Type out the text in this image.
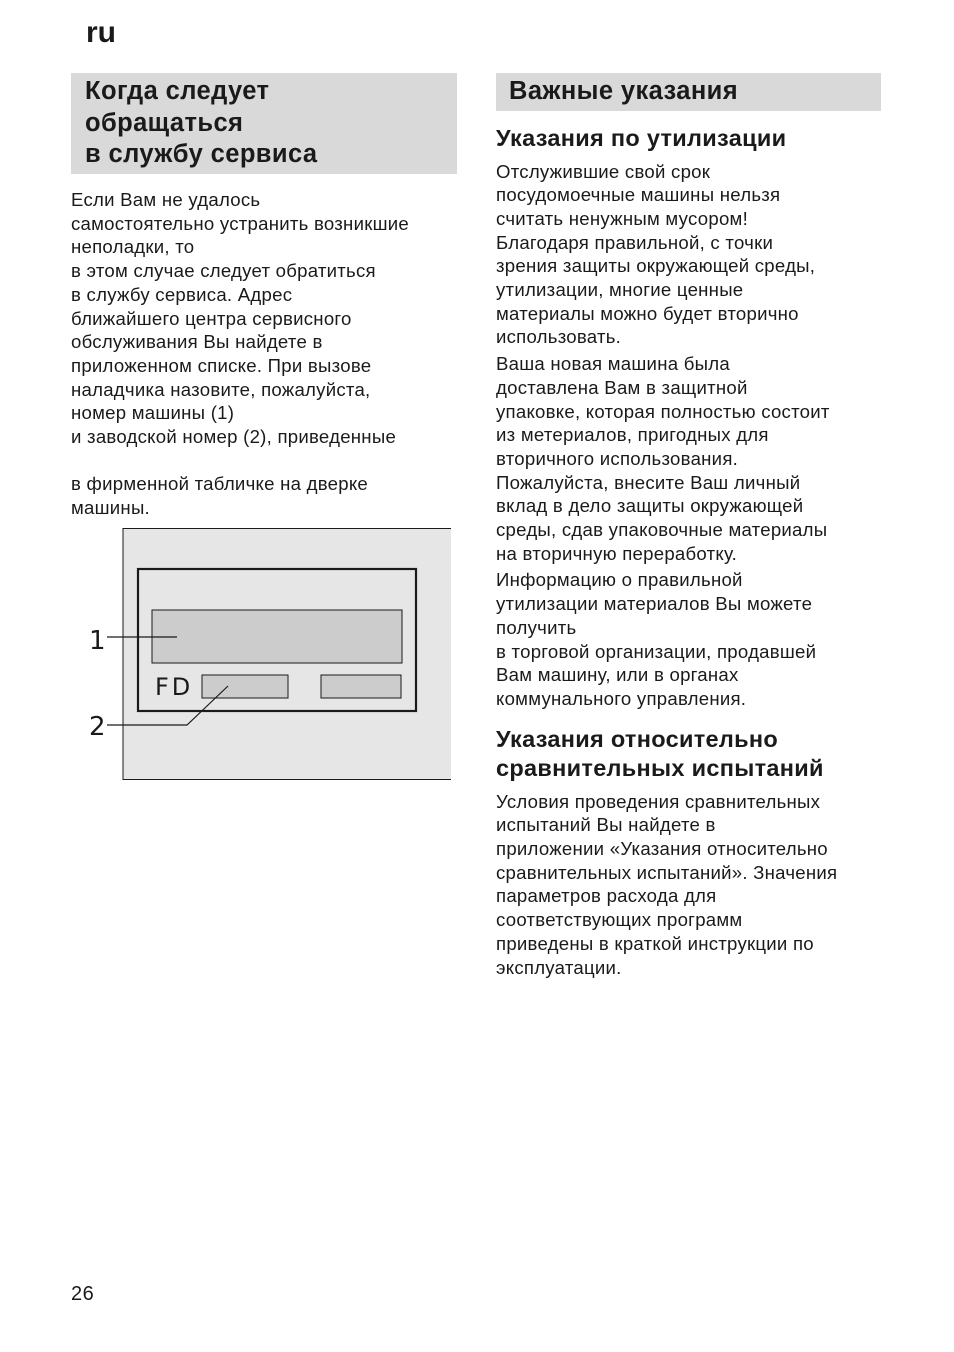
ru
Когда следует
обращаться
в службу сервиса

Если Вам не удалось
самостоятельно устранить возникшие
неполадки, то
в этом случае следует обратиться
в службу сервиса. Адрес
ближайшего центра сервисного
обслуживания Вы найдете в
приложенном списке. При вызове
наладчика назовите, пожалуйста,
номер машины (1)
и заводской номер (2), приведенные
в фирменной табличке на дверке
машины.

FD
1
2
Важные указания
Указания по утилизации

Отслужившие свой срок
посудомоечные машины нельзя
считать ненужным мусором!
Благодаря правильной, с точки
зрения защиты окружающей среды,
утилизации, многие ценные
материалы можно будет вторично
использовать.

Ваша новая машина была
доставлена Вам в защитной
упаковке, которая полностью состоит
из метериалов, пригодных для
вторичного использования.
Пожалуйста, внесите Ваш личный
вклад в дело защиты окружающей
среды, сдав упаковочные материалы
на вторичную переработку.

Информацию о правильной
утилизации материалов Вы можете
получить
в торговой организации, продавшей
Вам машину, или в органах
коммунального управления.

Указания относительно
сравнительных испытаний

Условия проведения сравнительных
испытаний Вы найдете в
приложении «Указания относительно
сравнительных испытаний». Значения
параметров расхода для
соответствующих программ
приведены в краткой инструкции по
эксплуатации.

26
